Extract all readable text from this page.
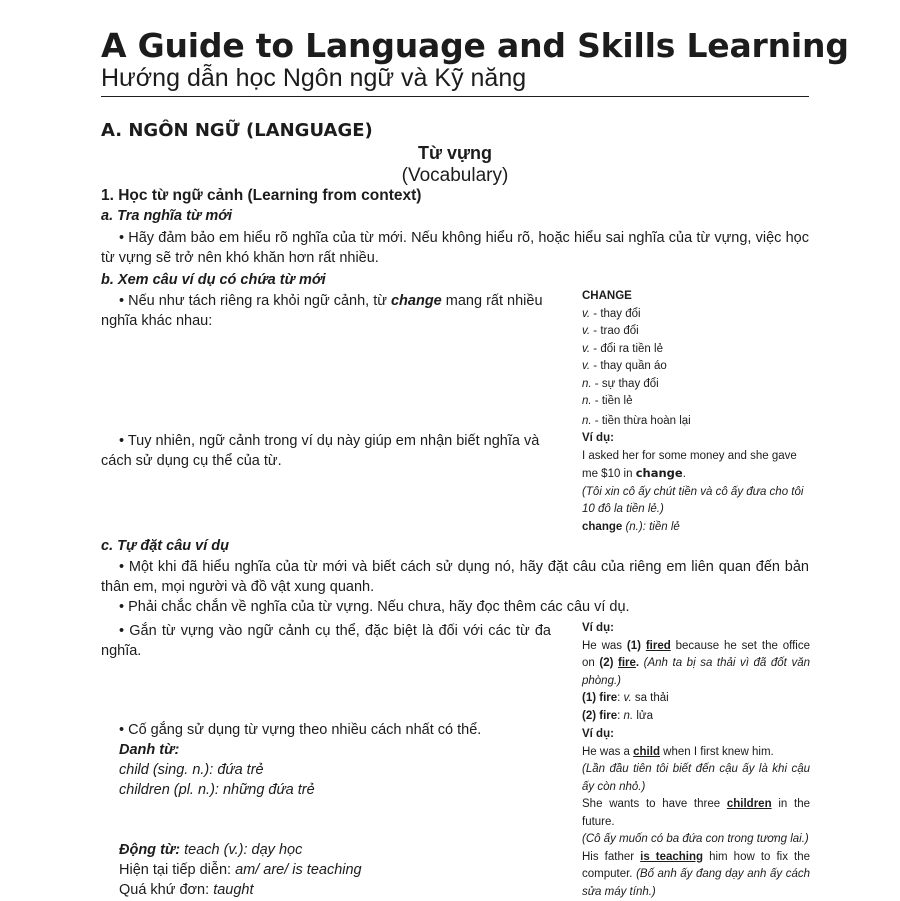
A Guide to Language and Skills Learning
Hướng dẫn học Ngôn ngữ và Kỹ năng
A. NGÔN NGỮ (LANGUAGE)
Từ vựng
(Vocabulary)
1. Học từ ngữ cảnh (Learning from context)
a. Tra nghĩa từ mới
• Hãy đảm bảo em hiểu rõ nghĩa của từ mới. Nếu không hiểu rõ, hoặc hiểu sai nghĩa của từ vựng, việc học từ vựng sẽ trở nên khó khăn hơn rất nhiều.
b. Xem câu ví dụ có chứa từ mới
• Nếu như tách riêng ra khỏi ngữ cảnh, từ change mang rất nhiều nghĩa khác nhau:
• Tuy nhiên, ngữ cảnh trong ví dụ này giúp em nhận biết nghĩa và cách sử dụng cụ thể của từ.
CHANGE
v. - thay đổi
v. - trao đổi
v. - đổi ra tiền lẻ
v. - thay quần áo
n. - sự thay đổi
n. - tiền lẻ
n. - tiền thừa hoàn lại
Ví dụ:
I asked her for some money and she gave me $10 in change.
(Tôi xin cô ấy chút tiền và cô ấy đưa cho tôi 10 đô la tiền lẻ.)
change (n.): tiền lẻ
c. Tự đặt câu ví dụ
• Một khi đã hiểu nghĩa của từ mới và biết cách sử dụng nó, hãy đặt câu của riêng em liên quan đến bản thân em, mọi người và đồ vật xung quanh.
• Phải chắc chắn về nghĩa của từ vựng. Nếu chưa, hãy đọc thêm các câu ví dụ.
• Gắn từ vựng vào ngữ cảnh cụ thể, đặc biệt là đối với các từ đa nghĩa.
• Cố gắng sử dụng từ vựng theo nhiều cách nhất có thể.
Danh từ:
child (sing. n.): đứa trẻ
children (pl. n.): những đứa trẻ
Động từ: teach (v.): dạy học
Hiện tại tiếp diễn: am/ are/ is teaching
Quá khứ đơn: taught
Ví dụ:
He was (1) fired because he set the office on (2) fire. (Anh ta bị sa thải vì đã đốt văn phòng.)
(1) fire: v. sa thải
(2) fire: n. lửa
Ví dụ:
He was a child when I first knew him.
(Lần đầu tiên tôi biết đến cậu ấy là khi cậu ấy còn nhỏ.)
She wants to have three children in the future.
(Cô ấy muốn có ba đứa con trong tương lai.)
His father is teaching him how to fix the computer. (Bố anh ấy đang dạy anh ấy cách sửa máy tính.)
